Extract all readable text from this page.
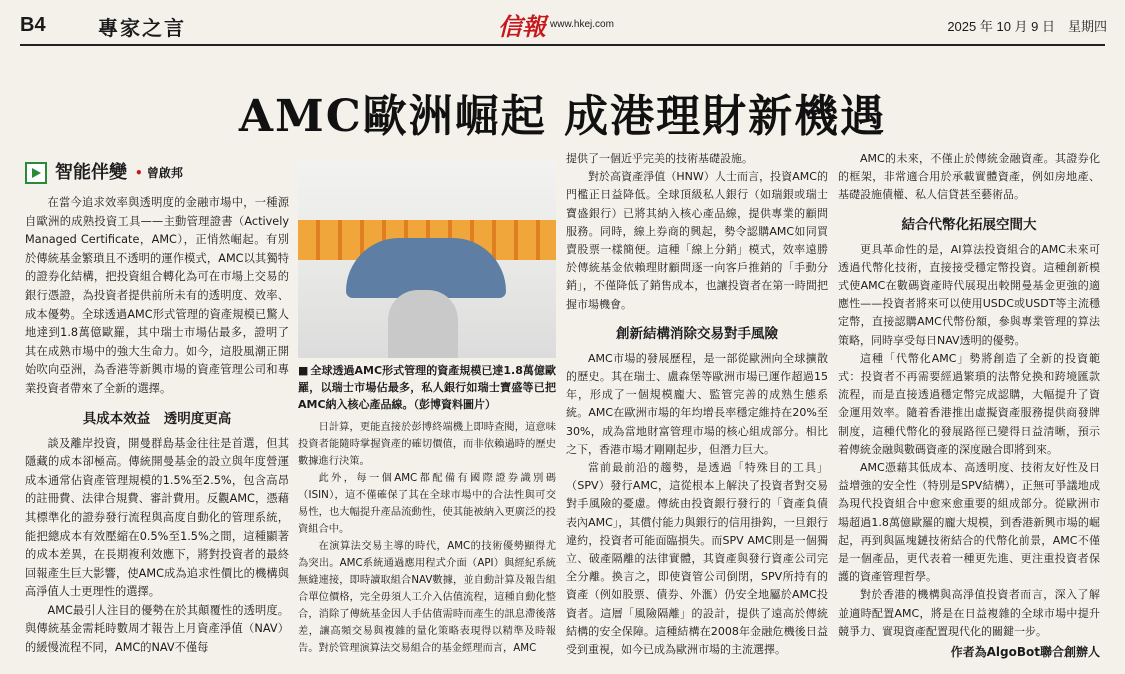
B4	專家之言	信報 www.hkej.com	2025 年 10 月 9 日　星期四
AMC歐洲崛起 成港理財新機遇
智能伴變
•	曾啟邦

在當今追求效率與透明度的金融市場中，一種源自歐洲的成熟投資工具——主動管理證書（Actively Managed Certificate，AMC），正悄然崛起。有別於傳統基金繁瑣且不透明的運作模式，AMC以其獨特的證券化結構，把投資組合轉化為可在市場上交易的銀行憑證，為投資者提供前所未有的透明度、效率、成本優勢。全球透過AMC形式管理的資產規模已驚人地達到1.8萬億歐羅，其中瑞士市場佔最多，證明了其在成熟市場中的強大生命力。如今，這股風潮正開始吹向亞洲，為香港等新興市場的資產管理公司和專業投資者帶來了全新的選擇。

具成本效益　透明度更高

談及離岸投資，開曼群島基金往往是首選，但其隱藏的成本卻極高。傳統開曼基金的設立與年度營運成本通常佔資產管理規模的1.5%至2.5%，包含高昂的註冊費、法律合規費、審計費用。反觀AMC，憑藉其標準化的證券發行流程與高度自動化的管理系統，能把總成本有效壓縮在0.5%至1.5%之間，這種顯著的成本差異，在長期複利效應下，將對投資者的最終回報產生巨大影響，使AMC成為追求性價比的機構與高淨值人士更理性的選擇。

AMC最引人注目的優勢在於其顛覆性的透明度。與傳統基金需耗時數周才報告上月資產淨值（NAV）的緩慢流程不同，AMC的NAV不僅每

■ 全球透過AMC形式管理的資產規模已達1.8萬億歐羅，以瑞士市場佔最多，私人銀行如瑞士寶盛等已把AMC納入核心產品線。（彭博資料圖片）

日計算，更能直接於彭博終端機上即時查閱，這意味投資者能隨時掌握資產的確切價值，而非依賴過時的歷史數據進行決策。

此外，每一個AMC都配備有國際證券識別碼（ISIN），這不僅確保了其在全球市場中的合法性與可交易性，也大幅提升產品流動性，使其能被納入更廣泛的投資組合中。

在演算法交易主導的時代，AMC的技術優勢顯得尤為突出。AMC系統通過應用程式介面（API）與經紀系統無縫連接，即時讀取組合NAV數據，並自動計算及報告組合單位價格，完全毋須人工介入估值流程，這種自動化整合，消除了傳統基金因人手估值需時而產生的訊息滯後落差，讓高頻交易與複雜的量化策略表現得以精準及時報告。對於管理演算法交易組合的基金經理而言，AMC

提供了一個近乎完美的技術基礎設施。

對於高資產淨值（HNW）人士而言，投資AMC的門檻正日益降低。全球頂級私人銀行（如瑞銀或瑞士寶盛銀行）已將其納入核心產品線，提供專業的顧問服務。同時，線上券商的興起，勢令認購AMC如同買賣股票一樣簡便。這種「線上分銷」模式，效率遠勝於傳統基金依賴理財顧問逐一向客戶推銷的「手動分銷」，不僅降低了銷售成本，也讓投資者在第一時間把握市場機會。

創新結構消除交易對手風險

AMC市場的發展歷程，是一部從歐洲向全球擴散的歷史。其在瑞士、盧森堡等歐洲市場已運作超過15年，形成了一個規模龐大、監管完善的成熟生態系統。AMC在歐洲市場的年均增長率穩定維持在20%至30%，成為當地財富管理市場的核心組成部分。相比之下，香港市場才剛剛起步，但潛力巨大。

當前最前沿的趨勢，是透過「特殊目的工具」（SPV）發行AMC，這從根本上解決了投資者對交易對手風險的憂慮。傳統由投資銀行發行的「資產負債表內AMC」，其償付能力與銀行的信用掛鈎，一旦銀行違約，投資者可能面臨損失。而SPV AMC則是一個獨立、破產隔離的法律實體，其資產與發行資產公司完全分離。換言之，即使資管公司倒閉，SPV所持有的資產（例如股票、債券、外滙）仍安全地屬於AMC投資者。這層「風險隔離」的設計，提供了遠高於傳統結構的安全保障。這種結構在2008年金融危機後日益受到重視，如今已成為歐洲市場的主流選擇。

AMC的未來，不僅止於傳統金融資產。其證券化的框架，非常適合用於承載實體資產，例如房地產、基礎設施債權、私人信貸甚至藝術品。

結合代幣化拓展空間大

更具革命性的是，AI算法投資組合的AMC未來可透過代幣化技術，直接接受穩定幣投資。這種創新模式使AMC在數碼資產時代展現出較開曼基金更強的適應性——投資者將來可以使用USDC或USDT等主流穩定幣，直接認購AMC代幣份額，參與專業管理的算法策略，同時享受每日NAV透明的優勢。

這種「代幣化AMC」勢將創造了全新的投資範式：投資者不再需要經過繁瑣的法幣兌換和跨境匯款流程，而是直接透過穩定幣完成認購，大幅提升了資金運用效率。隨着香港推出虛擬資產服務提供商發牌制度，這種代幣化的發展路徑已變得日益清晰，預示着傳統金融與數碼資產的深度融合即將到來。

AMC憑藉其低成本、高透明度、技術友好性及日益增強的安全性（特別是SPV結構），正無可爭議地成為現代投資組合中愈來愈重要的組成部分。從歐洲市場超過1.8萬億歐羅的龐大規模，到香港新興市場的崛起，再到與區塊鏈技術結合的代幣化前景，AMC不僅是一個產品，更代表着一種更先進、更注重投資者保護的資產管理哲學。

對於香港的機構與高淨值投資者而言，深入了解並適時配置AMC，將是在日益複雜的全球市場中提升競爭力、實現資產配置現代化的關鍵一步。

作者為AlgoBot聯合創辦人
